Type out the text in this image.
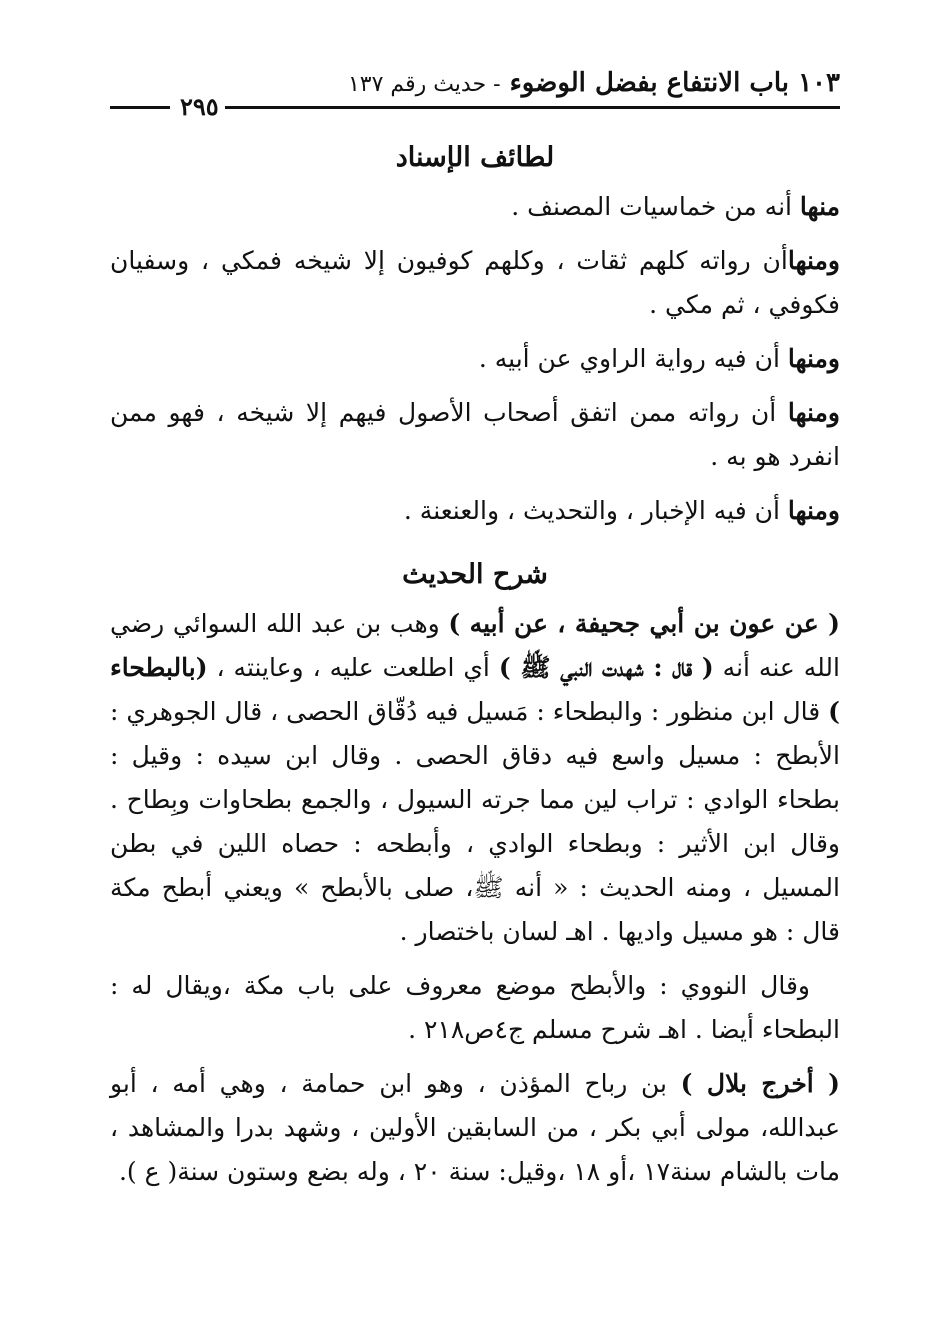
١٠٣ باب الانتفاع بفضل الوضوء - حديث رقم ١٣٧
٢٩٥
لطائف الإسناد

منها أنه من خماسيات المصنف .

ومنهاأن رواته كلهم ثقات ، وكلهم كوفيون إلا شيخه فمكي ، وسفيان فكوفي ، ثم مكي .

ومنها أن فيه رواية الراوي عن أبيه .

ومنها أن رواته ممن اتفق أصحاب الأصول فيهم إلا شيخه ، فهو ممن انفرد هو به .

ومنها أن فيه الإخبار ، والتحديث ، والعنعنة .

شرح الحديث

( عن عون بن أبي جحيفة ، عن أبيه ) وهب بن عبد الله السوائي رضي الله عنه أنه ( قال : شهدت النبي ﷺ ) أي اطلعت عليه ، وعاينته ، (بالبطحاء ) قال ابن منظور : والبطحاء : مَسيل فيه دُقّاق الحصى ، قال الجوهري : الأبطح : مسيل واسع فيه دقاق الحصى . وقال ابن سيده : وقيل : بطحاء الوادي : تراب لين مما جرته السيول ، والجمع بطحاوات وبِطاح . وقال ابن الأثير : وبطحاء الوادي ، وأبطحه : حصاه اللين في بطن المسيل ، ومنه الحديث : « أنه ﷺ، صلى بالأبطح » ويعني أبطح مكة قال : هو مسيل واديها . اهـ لسان باختصار .

وقال النووي : والأبطح موضع معروف على باب مكة ،ويقال له : البطحاء أيضا . اهـ شرح مسلم ج٤ص٢١٨ .

( أخرج بلال ) بن رباح المؤذن ، وهو ابن حمامة ، وهي أمه ، أبو عبدالله، مولى أبي بكر ، من السابقين الأولين ، وشهد بدرا والمشاهد ، مات بالشام سنة١٧ ،أو ١٨ ،وقيل: سنة ٢٠ ، وله بضع وستون سنة( ع ).
